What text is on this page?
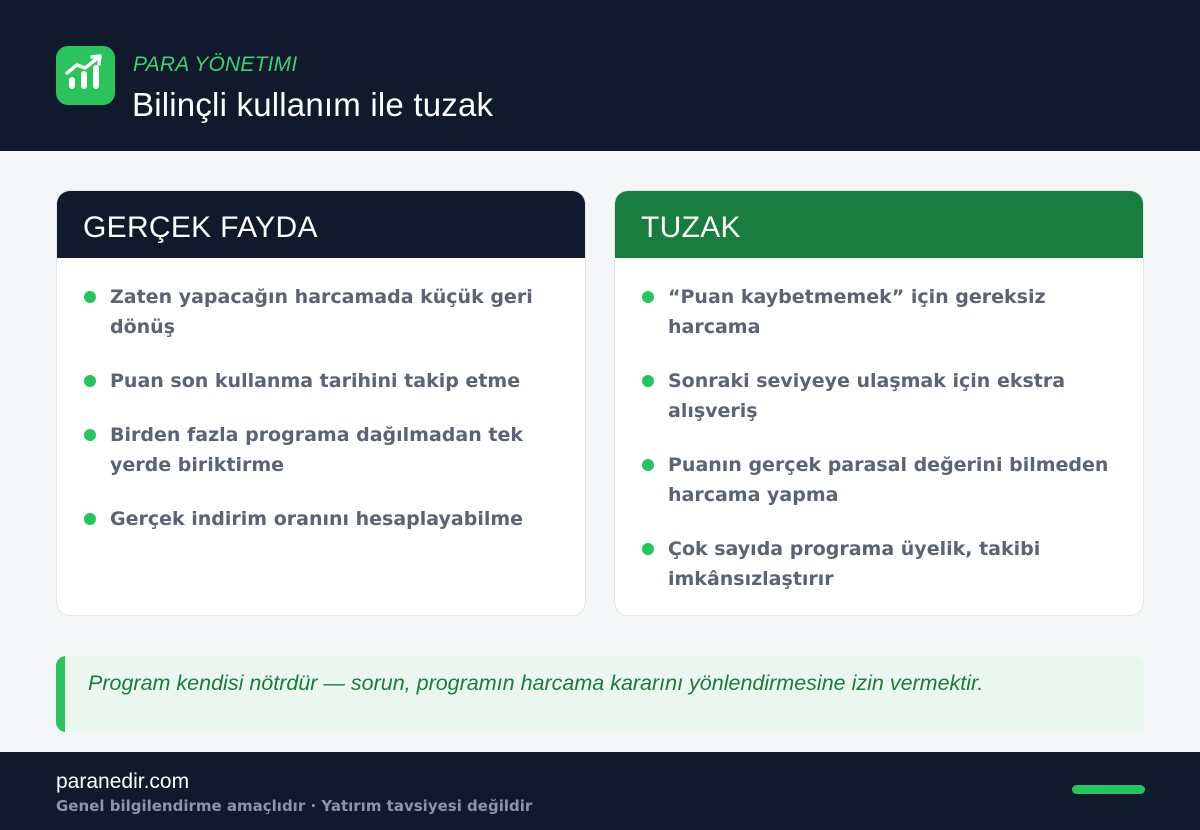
PARA YÖNETIMI
Bilinçli kullanım ile tuzak
GERÇEK FAYDA
Zaten yapacağın harcamada küçük geri dönüş
Puan son kullanma tarihini takip etme
Birden fazla programa dağılmadan tek yerde biriktirme
Gerçek indirim oranını hesaplayabilme
TUZAK
“Puan kaybetmemek” için gereksiz harcama
Sonraki seviyeye ulaşmak için ekstra alışveriş
Puanın gerçek parasal değerini bilmeden harcama yapma
Çok sayıda programa üyelik, takibi imkânsızlaştırır
Program kendisi nötrdür — sorun, programın harcama kararını yönlendirmesine izin vermektir.
paranedir.com
Genel bilgilendirme amaçlıdır · Yatırım tavsiyesi değildir
